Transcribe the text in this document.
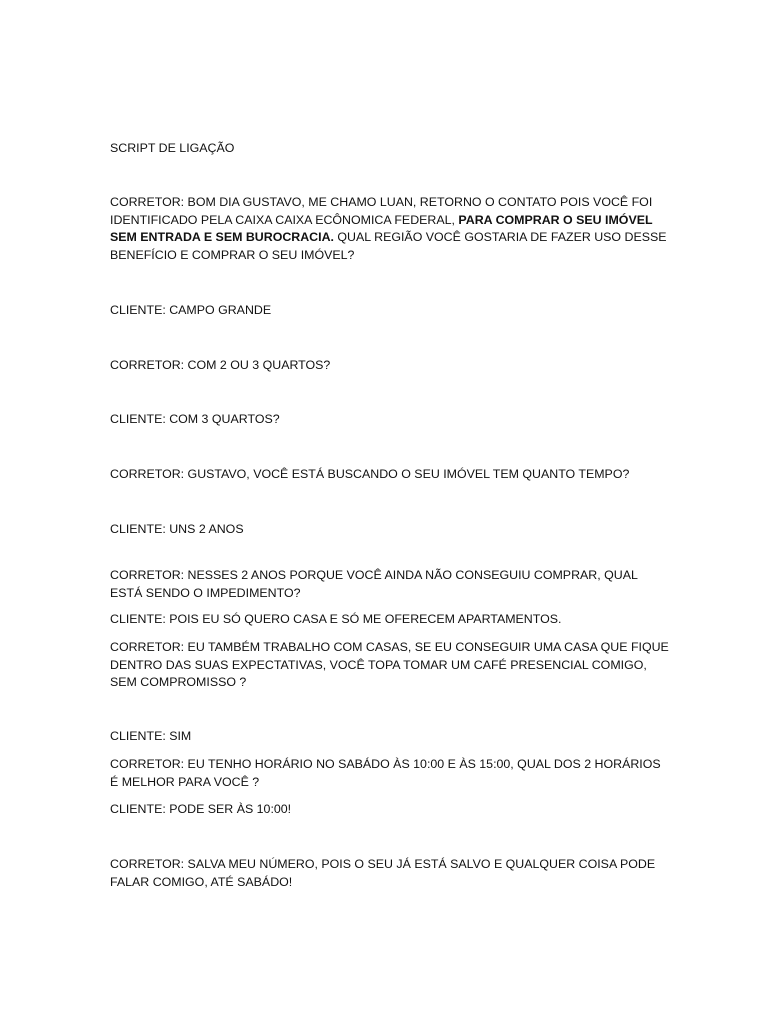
SCRIPT DE LIGAÇÃO

CORRETOR: BOM DIA GUSTAVO, ME CHAMO LUAN, RETORNO O CONTATO POIS VOCÊ FOI IDENTIFICADO PELA CAIXA CAIXA ECÔNOMICA FEDERAL, PARA COMPRAR O SEU IMÓVEL SEM ENTRADA E SEM BUROCRACIA. QUAL REGIÃO VOCÊ GOSTARIA DE FAZER USO DESSE BENEFÍCIO E COMPRAR O SEU IMÓVEL?

CLIENTE: CAMPO GRANDE

CORRETOR: COM 2 OU 3 QUARTOS?

CLIENTE: COM 3 QUARTOS?

CORRETOR: GUSTAVO, VOCÊ ESTÁ BUSCANDO O SEU IMÓVEL TEM QUANTO TEMPO?

CLIENTE: UNS 2 ANOS

CORRETOR: NESSES 2 ANOS PORQUE VOCÊ AINDA NÃO CONSEGUIU COMPRAR, QUAL ESTÁ SENDO O IMPEDIMENTO?

CLIENTE: POIS EU SÓ QUERO CASA E SÓ ME OFERECEM APARTAMENTOS.

CORRETOR: EU TAMBÉM TRABALHO COM CASAS, SE EU CONSEGUIR UMA CASA QUE FIQUE DENTRO DAS SUAS EXPECTATIVAS, VOCÊ TOPA TOMAR UM CAFÉ PRESENCIAL COMIGO, SEM COMPROMISSO ?

CLIENTE: SIM

CORRETOR: EU TENHO HORÁRIO NO SABÁDO ÀS 10:00 E ÀS 15:00, QUAL DOS 2 HORÁRIOS É MELHOR PARA VOCÊ ?

CLIENTE: PODE SER ÀS 10:00!

CORRETOR: SALVA MEU NÚMERO, POIS O SEU JÁ ESTÁ SALVO E QUALQUER COISA PODE FALAR COMIGO, ATÉ SABÁDO!
